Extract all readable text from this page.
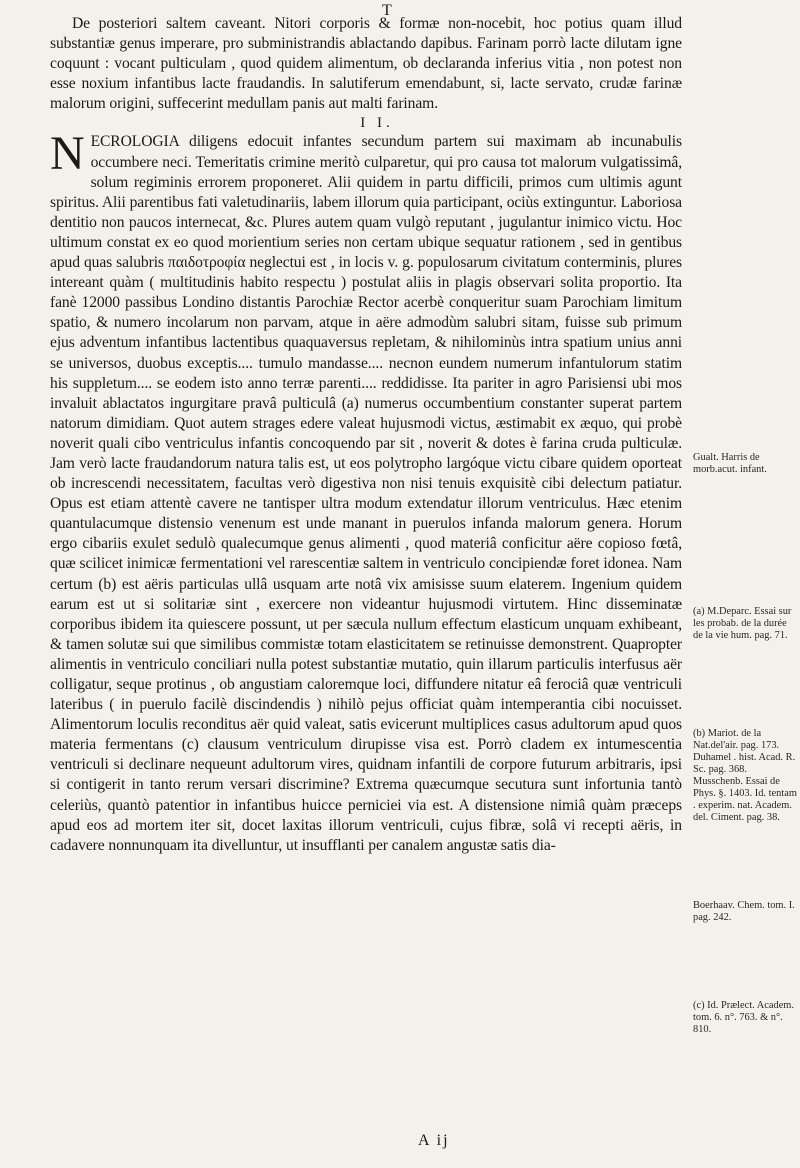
T

De posteriori saltem caveant. Nitori corporis & formæ non-nocebit, hoc potius quam illud substantiæ genus imperare, pro subministrandis ablactando dapibus. Farinam porrò lacte dilutam igne coquunt : vocant pulticulam , quod quidem alimentum, ob declaranda inferius vitia , non potest non esse noxium infantibus lacte fraudandis. In salutiferum emendabunt, si, lacte servato, crudæ farinæ malorum origini, suffecerint medullam panis aut malti farinam.

I I.

NECROLOGIA diligens edocuit infantes secundum partem sui maximam ab incunabulis occumbere neci. Temeritatis crimine meritò culparetur, qui pro causa tot malorum vulgatissimâ, solum regiminis errorem proponeret. Alii quidem in partu difficili, primos cum ultimis agunt spiritus. Alii parentibus fati valetudinariis, labem illorum quia participant, ociùs extinguntur. Laboriosa dentitio non paucos internecat, &c. Plures autem quam vulgò reputant , jugulantur inimico victu. Hoc ultimum constat ex eo quod morientium series non certam ubique sequatur rationem , sed in gentibus apud quas salubris παιδοτροφία neglectui est , in locis v. g. populosarum civitatum conterminis, plures intereant quàm ( multitudinis habito respectu ) postulat aliis in plagis observari solita proportio. Ita fanè 12000 passibus Londino distantis Parochiæ Rector acerbè conqueritur suam Parochiam limitum spatio, & numero incolarum non parvam, atque in aëre admodùm salubri sitam, fuisse sub primum ejus adventum infantibus lactentibus quaquaversus repletam, & nihilominùs intra spatium unius anni se universos, duobus exceptis.... tumulo mandasse.... necnon eundem numerum infantulorum statim his suppletum.... se eodem isto anno terræ parenti.... reddidisse. Ita pariter in agro Parisiensi ubi mos invaluit ablactatos ingurgitare pravâ pulticulâ (a) numerus occumbentium constanter superat partem natorum dimidiam. Quot autem strages edere valeat hujusmodi victus, æstimabit ex æquo, qui probè noverit quali cibo ventriculus infantis concoquendo par sit , noverit & dotes è farina cruda pulticulæ. Jam verò lacte fraudandorum natura talis est, ut eos polytropho largóque victu cibare quidem oporteat ob increscendi necessitatem, facultas verò digestiva non nisi tenuis exquisitè cibi delectum patiatur. Opus est etiam attentè cavere ne tantisper ultra modum extendatur illorum ventriculus. Hæc etenim quantulacumque distensio venenum est unde manant in puerulos infanda malorum genera. Horum ergo cibariis exulet sedulò qualecumque genus alimenti , quod materiâ conficitur aëre copioso fœtâ, quæ scilicet inimicæ fermentationi vel rarescentiæ saltem in ventriculo concipiendæ foret idonea. Nam certum (b) est aëris particulas ullâ usquam arte notâ vix amisisse suum elaterem. Ingenium quidem earum est ut si solitariæ sint , exercere non videantur hujusmodi virtutem. Hinc disseminatæ corporibus ibidem ita quiescere possunt, ut per sæcula nullum effectum elasticum unquam exhibeant, & tamen solutæ sui que similibus commistæ totam elasticitatem se retinuisse demonstrent. Quapropter alimentis in ventriculo conciliari nulla potest substantiæ mutatio, quin illarum particulis interfusus aër colligatur, seque protinus , ob angustiam caloremque loci, diffundere nitatur eâ ferociâ quæ ventriculi lateribus ( in puerulo facilè discindendis ) nihilò pejus officiat quàm intemperantia cibi nocuisset. Alimentorum loculis reconditus aër quid valeat, satis evicerunt multiplices casus adultorum apud quos materia fermentans (c) clausum ventriculum dirupisse visa est. Porrò cladem ex intumescentia ventriculi si declinare nequeunt adultorum vires, quidnam infantili de corpore futurum arbitraris, ipsi si contigerit in tanto rerum versari discrimine? Extrema quæcumque secutura sunt infortunia tantò celeriùs, quantò patentior in infantibus huicce perniciei via est. A distensione nimiâ quàm præceps apud eos ad mortem iter sit, docet laxitas illorum ventriculi, cujus fibræ, solâ vi recepti aëris, in cadavere nonnunquam ita divelluntur, ut insufflanti per canalem angustæ satis dia-

Gualt. Harris de morb.acut. infant.
(a) M.Deparc. Essai sur les probab. de la durée de la vie hum. pag. 71.
(b) Mariot. de la Nat.del'air. pag. 173. Duhamel . hist. Acad. R. Sc. pag. 368. Musschenb. Essai de Phys. §. 1403. Id. tentam . experim. nat. Academ. del. Ciment. pag. 38.
Boerhaav. Chem. tom. I. pag. 242.
(c) Id. Prælect. Academ. tom. 6. n°. 763. & n°. 810.
A ij
